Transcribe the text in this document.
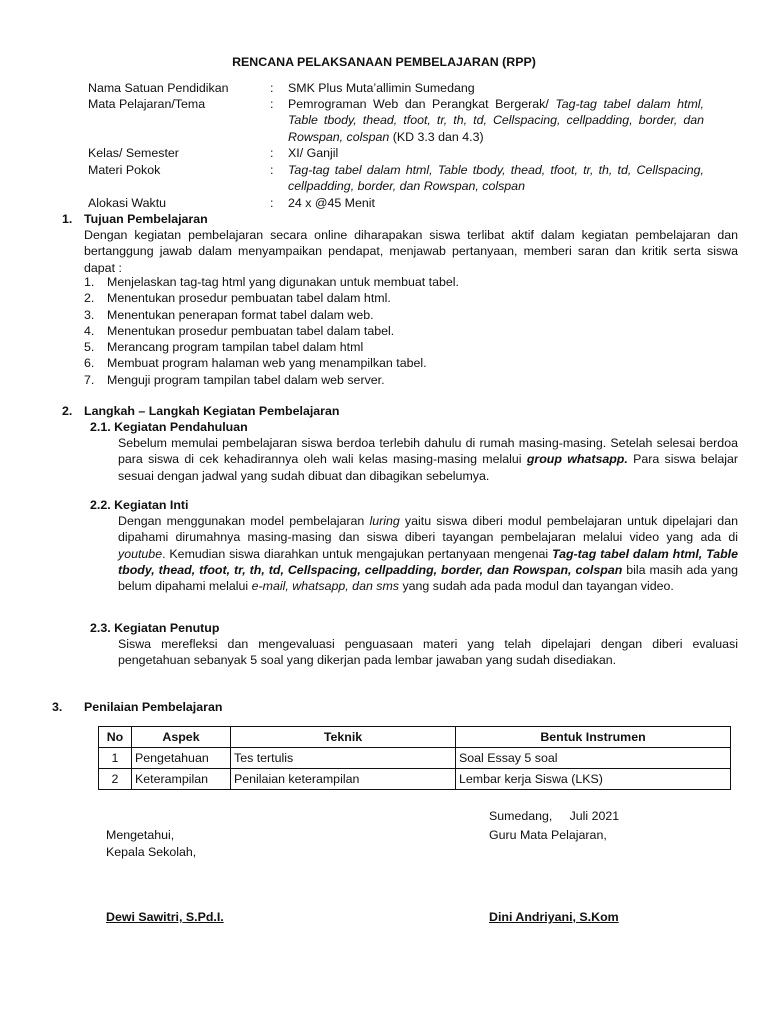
RENCANA PELAKSANAAN PEMBELAJARAN (RPP)
Nama Satuan Pendidikan	: SMK Plus Muta’allimin Sumedang
Mata Pelajaran/Tema	: Pemrograman Web dan Perangkat Bergerak/ Tag-tag tabel dalam html, Table tbody, thead, tfoot, tr, th, td, Cellspacing, cellpadding, border, dan Rowspan, colspan (KD 3.3 dan 4.3)
Kelas/ Semester	: XI/ Ganjil
Materi Pokok	: Tag-tag tabel dalam html, Table tbody, thead, tfoot, tr, th, td, Cellspacing, cellpadding, border, dan Rowspan, colspan
Alokasi Waktu	: 24 x @45 Menit
1. Tujuan Pembelajaran
Dengan kegiatan pembelajaran secara online diharapakan siswa terlibat aktif dalam kegiatan pembelajaran dan bertanggung jawab dalam menyampaikan pendapat, menjawab pertanyaan, memberi saran dan kritik serta siswa dapat :
1. Menjelaskan tag-tag html yang digunakan untuk membuat tabel.
2. Menentukan prosedur pembuatan tabel dalam html.
3. Menentukan penerapan format tabel dalam web.
4. Menentukan prosedur pembuatan tabel dalam tabel.
5. Merancang program tampilan tabel dalam html
6. Membuat program halaman web yang menampilkan tabel.
7. Menguji program tampilan tabel dalam web server.
2. Langkah – Langkah Kegiatan Pembelajaran
2.1. Kegiatan Pendahuluan
Sebelum memulai pembelajaran siswa berdoa terlebih dahulu di rumah masing-masing. Setelah selesai berdoa para siswa di cek kehadirannya oleh wali kelas masing-masing melalui group whatsapp. Para siswa belajar sesuai dengan jadwal yang sudah dibuat dan dibagikan sebelumya.
2.2. Kegiatan Inti
Dengan menggunakan model pembelajaran luring yaitu siswa diberi modul pembelajaran untuk dipelajari dan dipahami dirumahnya masing-masing dan siswa diberi tayangan pembelajaran melalui video yang ada di youtube. Kemudian siswa diarahkan untuk mengajukan pertanyaan mengenai Tag-tag tabel dalam html, Table tbody, thead, tfoot, tr, th, td, Cellspacing, cellpadding, border, dan Rowspan, colspan bila masih ada yang belum dipahami melalui e-mail, whatsapp, dan sms yang sudah ada pada modul dan tayangan video.
2.3. Kegiatan Penutup
Siswa merefleksi dan mengevaluasi penguasaan materi yang telah dipelajari dengan diberi evaluasi pengetahuan sebanyak 5 soal yang dikerjan pada lembar jawaban yang sudah disediakan.
3. Penilaian Pembelajaran
No	Aspek	Teknik	Bentuk Instrumen
1	Pengetahuan	Tes tertulis	Soal Essay 5 soal
2	Keterampilan	Penilaian keterampilan	Lembar kerja Siswa (LKS)
Sumedang,     Juli 2021
Mengetahui,	Guru Mata Pelajaran,
Kepala Sekolah,
Dewi Sawitri, S.Pd.I.	Dini Andriyani, S.Kom
